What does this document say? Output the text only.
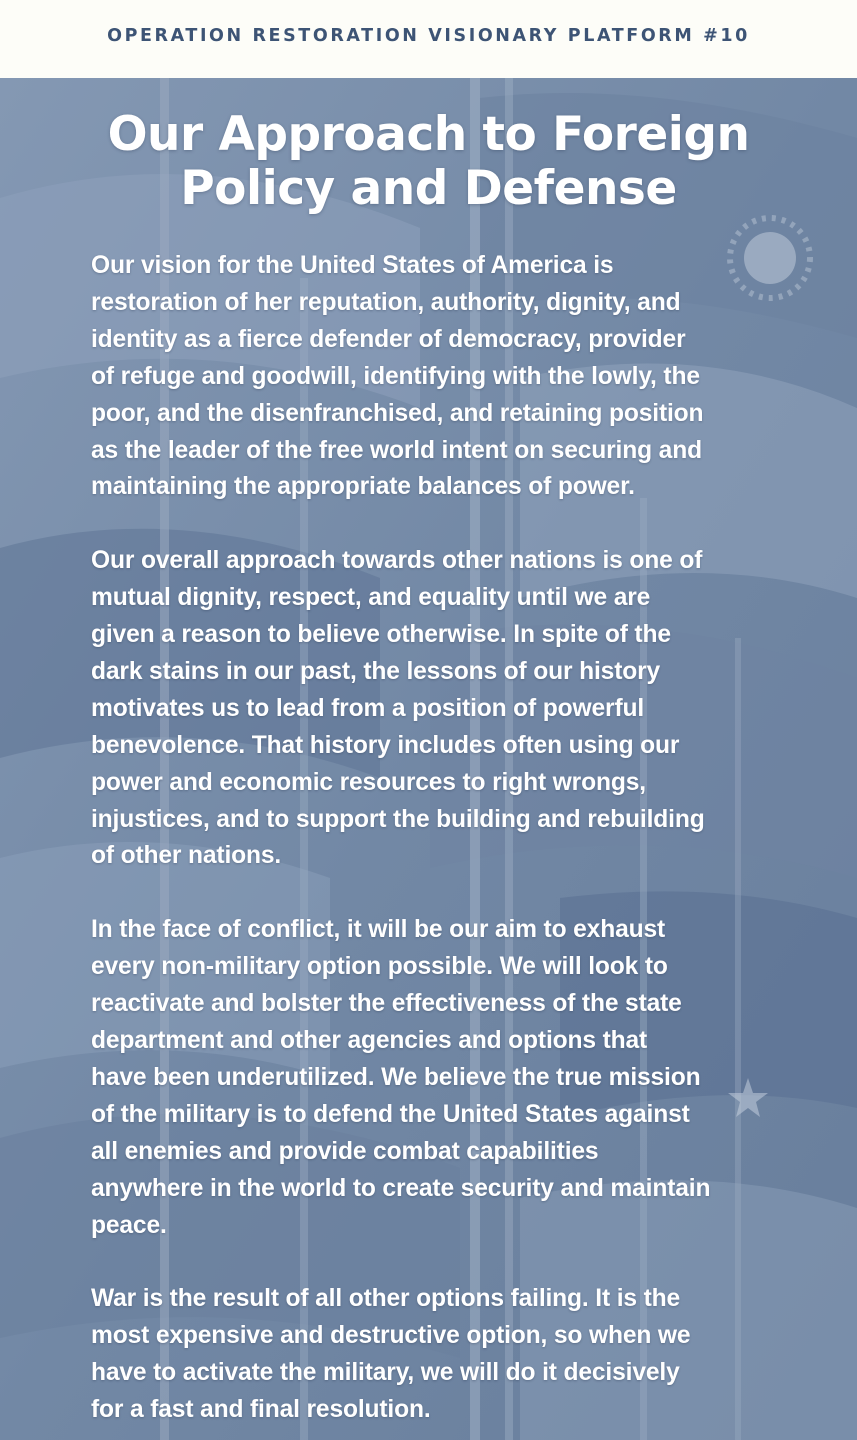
OPERATION RESTORATION VISIONARY PLATFORM #10
Our Approach to Foreign
Policy and Defense
Our vision for the United States of America is
restoration of her reputation, authority, dignity, and
identity as a fierce defender of democracy, provider
of refuge and goodwill, identifying with the lowly, the
poor, and the disenfranchised, and retaining position
as the leader of the free world intent on securing and
maintaining the appropriate balances of power.
Our overall approach towards other nations is one of
mutual dignity, respect, and equality until we are
given a reason to believe otherwise. In spite of the
dark stains in our past, the lessons of our history
motivates us to lead from a position of powerful
benevolence. That history includes often using our
power and economic resources to right wrongs,
injustices, and to support the building and rebuilding
of other nations.
In the face of conflict, it will be our aim to exhaust
every non-military option possible. We will look to
reactivate and bolster the effectiveness of the state
department and other agencies and options that
have been underutilized. We believe the true mission
of the military is to defend the United States against
all enemies and provide combat capabilities
anywhere in the world to create security and maintain
peace.
War is the result of all other options failing. It is the
most expensive and destructive option, so when we
have to activate the military, we will do it decisively
for a fast and final resolution.
